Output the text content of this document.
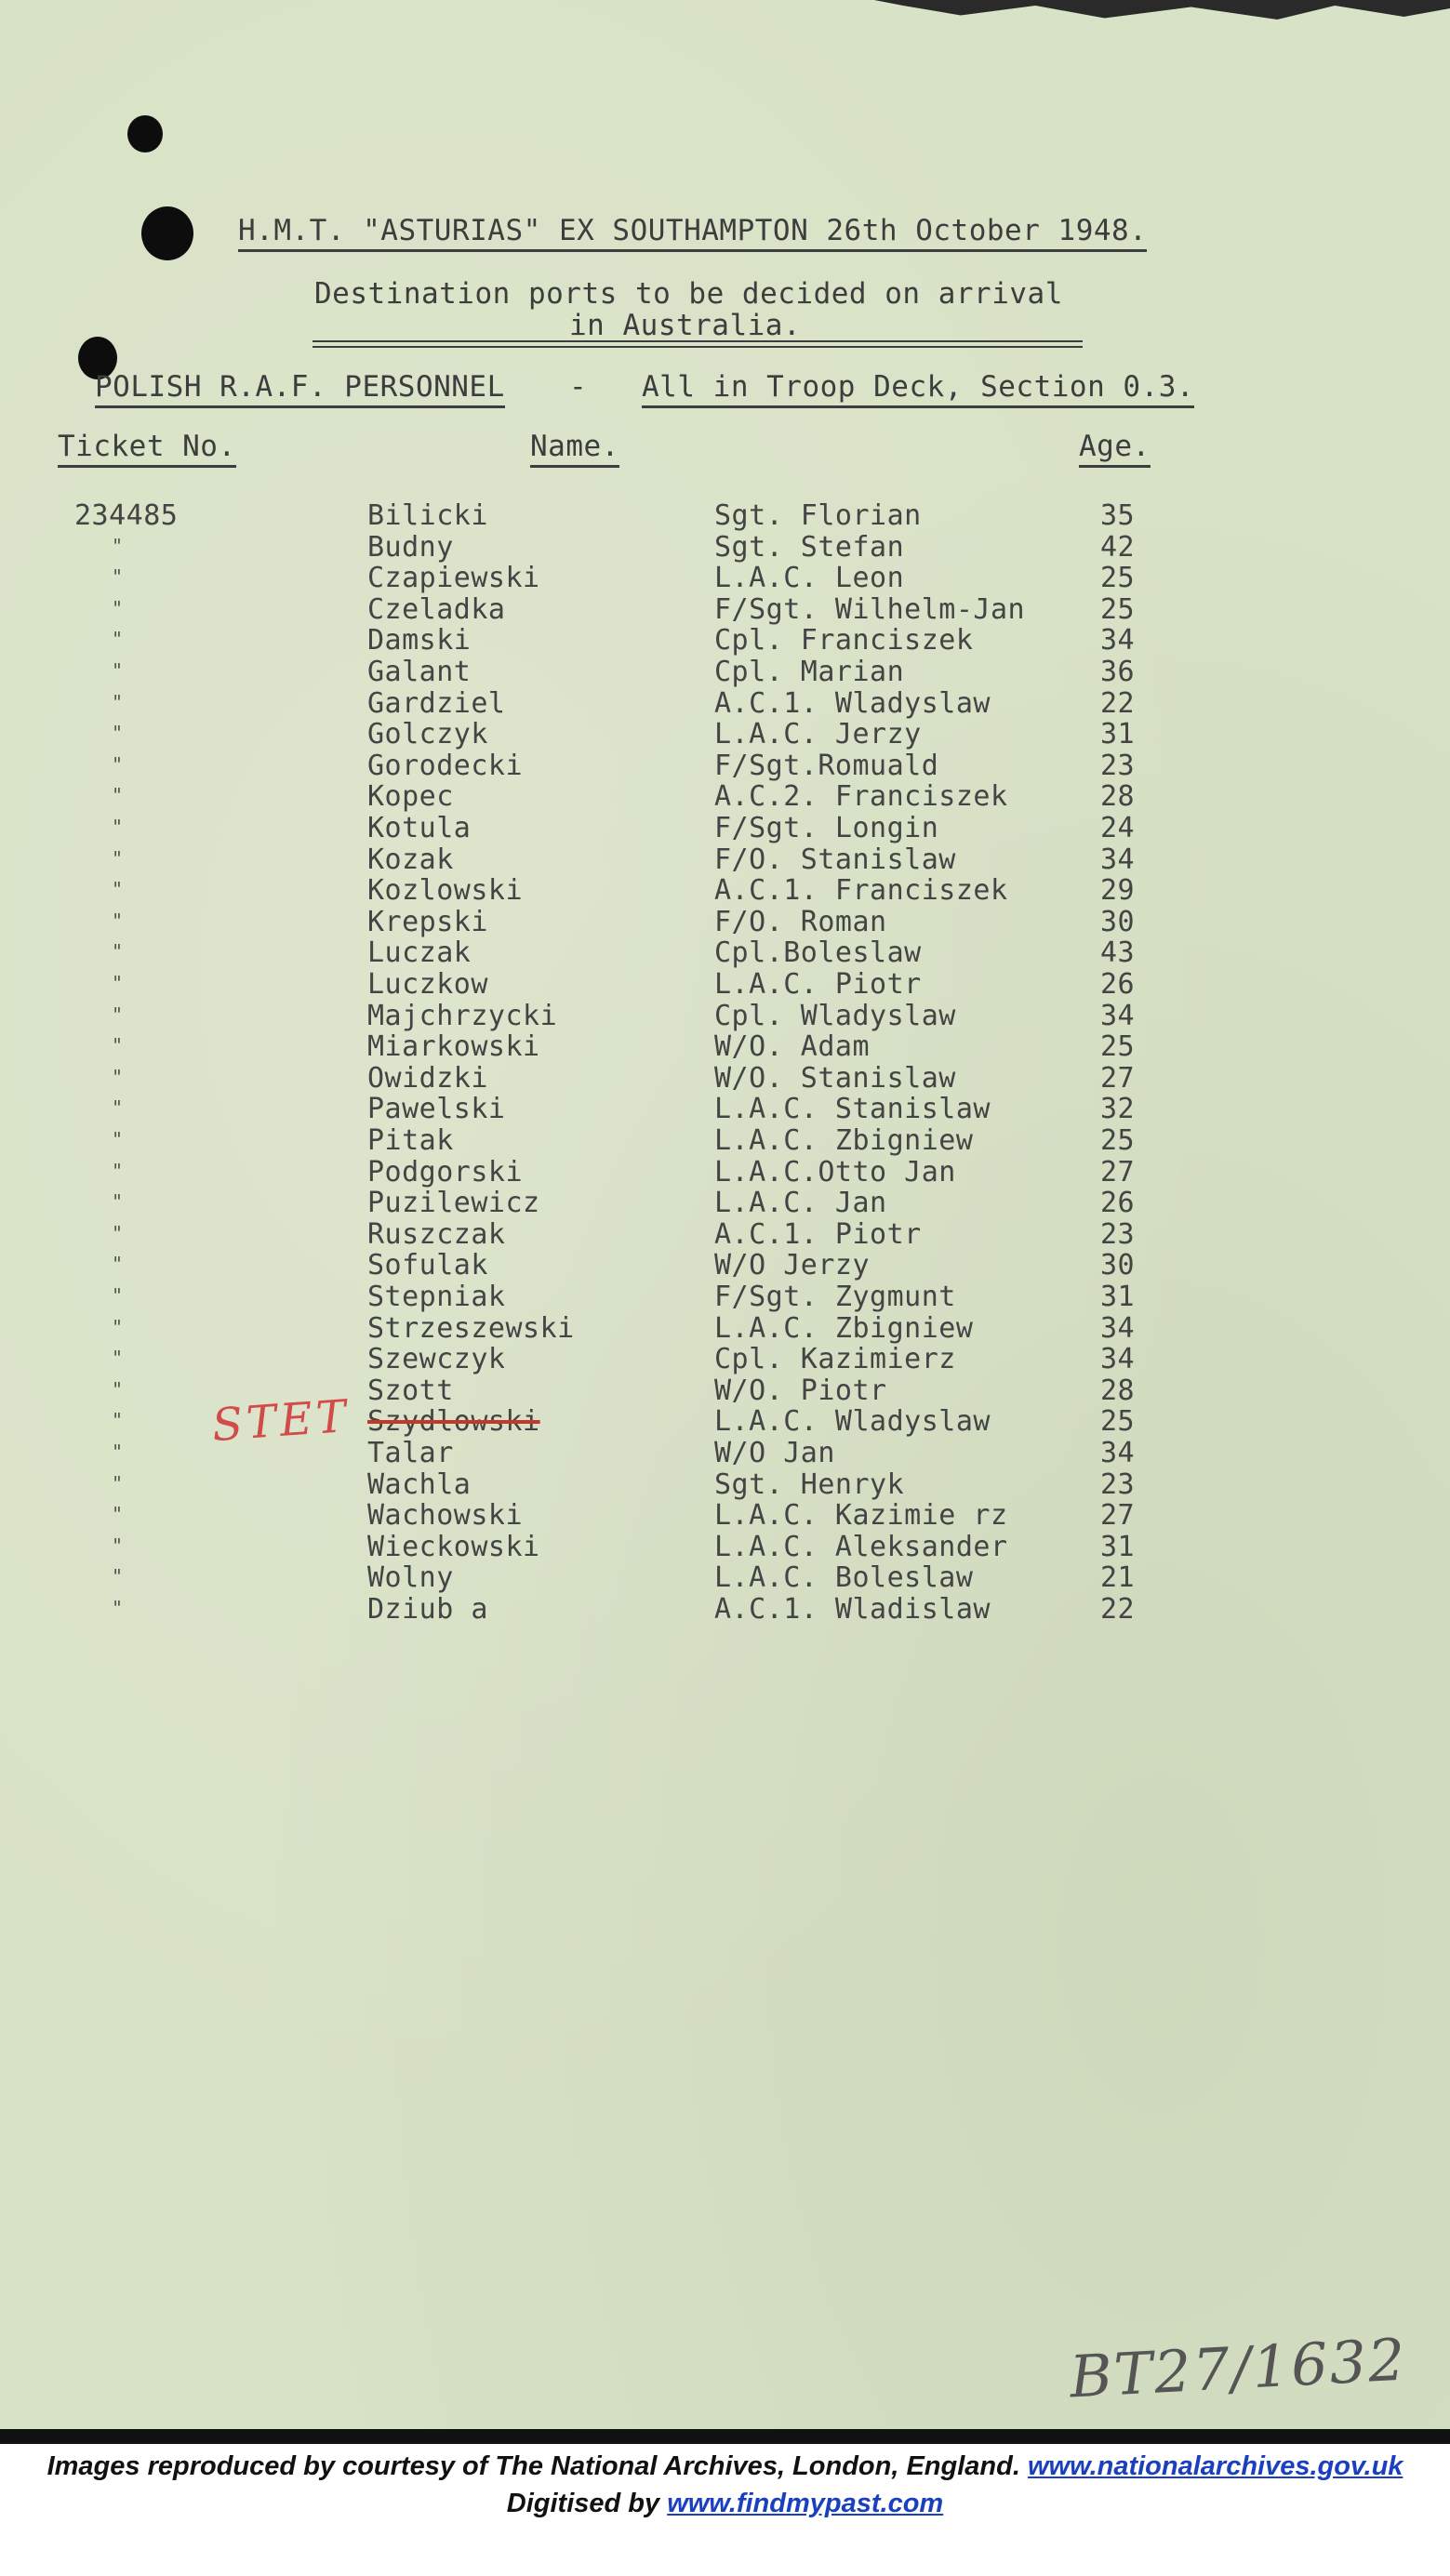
H.M.T. "ASTURIAS" EX SOUTHAMPTON 26th October 1948.
Destination ports to be decided on arrival
in Australia.
POLISH R.A.F. PERSONNEL - All in Troop Deck, Section 0.3.
Ticket No.	Name.	Age.
234485	Bilicki	Sgt. Florian	35
"	Budny	Sgt. Stefan	42
"	Czapiewski	L.A.C. Leon	25
"	Czeladka	F/Sgt. Wilhelm-Jan	25
"	Damski	Cpl. Franciszek	34
"	Galant	Cpl. Marian	36
"	Gardziel	A.C.1. Wladyslaw	22
"	Golczyk	L.A.C. Jerzy	31
"	Gorodecki	F/Sgt.Romuald	23
"	Kopec	A.C.2. Franciszek	28
"	Kotula	F/Sgt. Longin	24
"	Kozak	F/O. Stanislaw	34
"	Kozlowski	A.C.1. Franciszek	29
"	Krepski	F/O. Roman	30
"	Luczak	Cpl.Boleslaw	43
"	Luczkow	L.A.C. Piotr	26
"	Majchrzycki	Cpl. Wladyslaw	34
"	Miarkowski	W/O. Adam	25
"	Owidzki	W/O. Stanislaw	27
"	Pawelski	L.A.C. Stanislaw	32
"	Pitak	L.A.C. Zbigniew	25
"	Podgorski	L.A.C.Otto Jan	27
"	Puzilewicz	L.A.C. Jan	26
"	Ruszczak	A.C.1. Piotr	23
"	Sofulak	W/O Jerzy	30
"	Stepniak	F/Sgt. Zygmunt	31
"	Strzeszewski	L.A.C. Zbigniew	34
"	Szewczyk	Cpl. Kazimierz	34
"	Szott	W/O. Piotr	28
"	Szydlowski	L.A.C. Wladyslaw	25
"	Talar	W/O Jan	34
"	Wachla	Sgt. Henryk	23
"	Wachowski	L.A.C. Kazimie rz	27
"	Wieckowski	L.A.C. Aleksander	31
"	Wolny	L.A.C. Boleslaw	21
"	Dziub a	A.C.1. Wladislaw	22
STET
BT27/1632
Images reproduced by courtesy of The National Archives, London, England. www.nationalarchives.gov.uk
Digitised by www.findmypast.com
